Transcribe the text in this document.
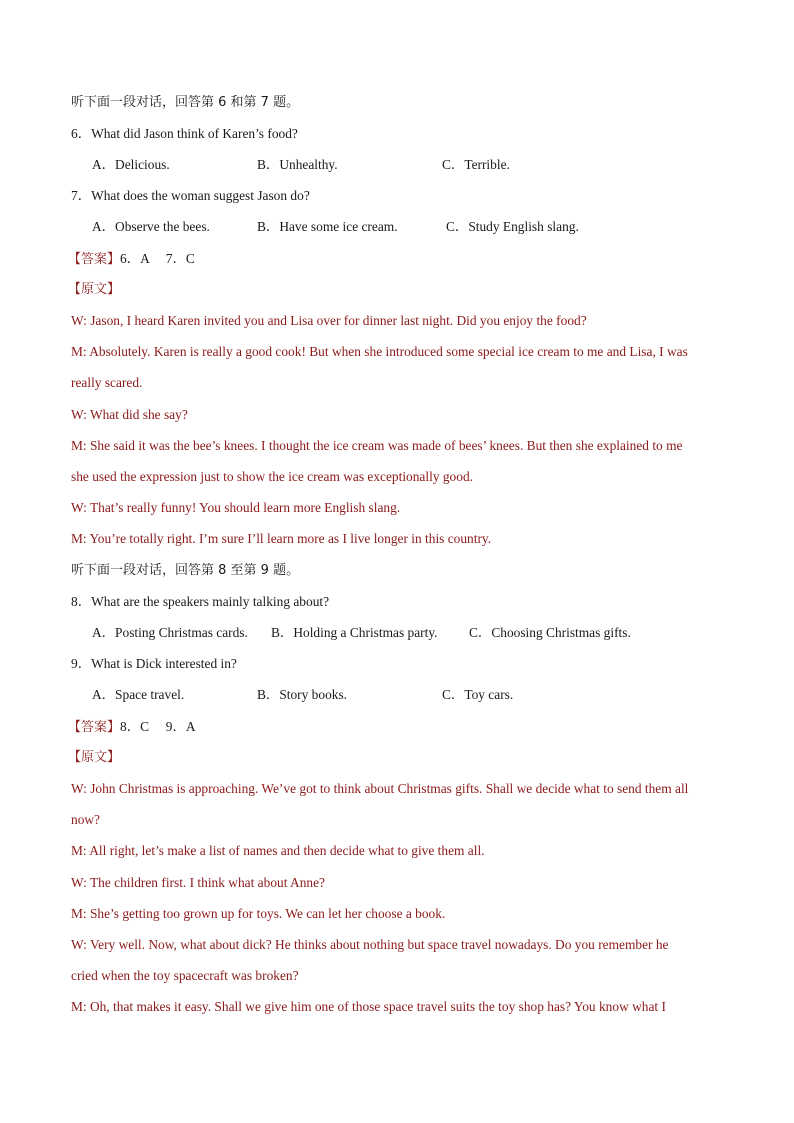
听下面一段对话，回答第 6 和第 7 题。
6．What did Jason think of Karen’s food?
A．Delicious.	B．Unhealthy.	C．Terrible.
7．What does the woman suggest Jason do?
A．Observe the bees.	B．Have some ice cream.	C．Study English slang.
【答案】6．A　 7．C
【原文】
W: Jason, I heard Karen invited you and Lisa over for dinner last night. Did you enjoy the food?
M: Absolutely. Karen is really a good cook! But when she introduced some special ice cream to me and Lisa, I was
really scared.
W: What did she say?
M: She said it was the bee’s knees. I thought the ice cream was made of bees’ knees. But then she explained to me
she used the expression just to show the ice cream was exceptionally good.
W: That’s really funny! You should learn more English slang.
M: You’re totally right. I’m sure I’ll learn more as I live longer in this country.
听下面一段对话，回答第 8 至第 9 题。
8．What are the speakers mainly talking about?
A．Posting Christmas cards. B．Holding a Christmas party. C．Choosing Christmas gifts.
9．What is Dick interested in?
A．Space travel.	B．Story books.	C．Toy cars.
【答案】8．C　 9．A
【原文】
W: John Christmas is approaching. We’ve got to think about Christmas gifts. Shall we decide what to send them all
now?
M: All right, let’s make a list of names and then decide what to give them all.
W: The children first. I think what about Anne?
M: She’s getting too grown up for toys. We can let her choose a book.
W: Very well. Now, what about dick? He thinks about nothing but space travel nowadays. Do you remember he
cried when the toy spacecraft was broken?
M: Oh, that makes it easy. Shall we give him one of those space travel suits the toy shop has? You know what I
